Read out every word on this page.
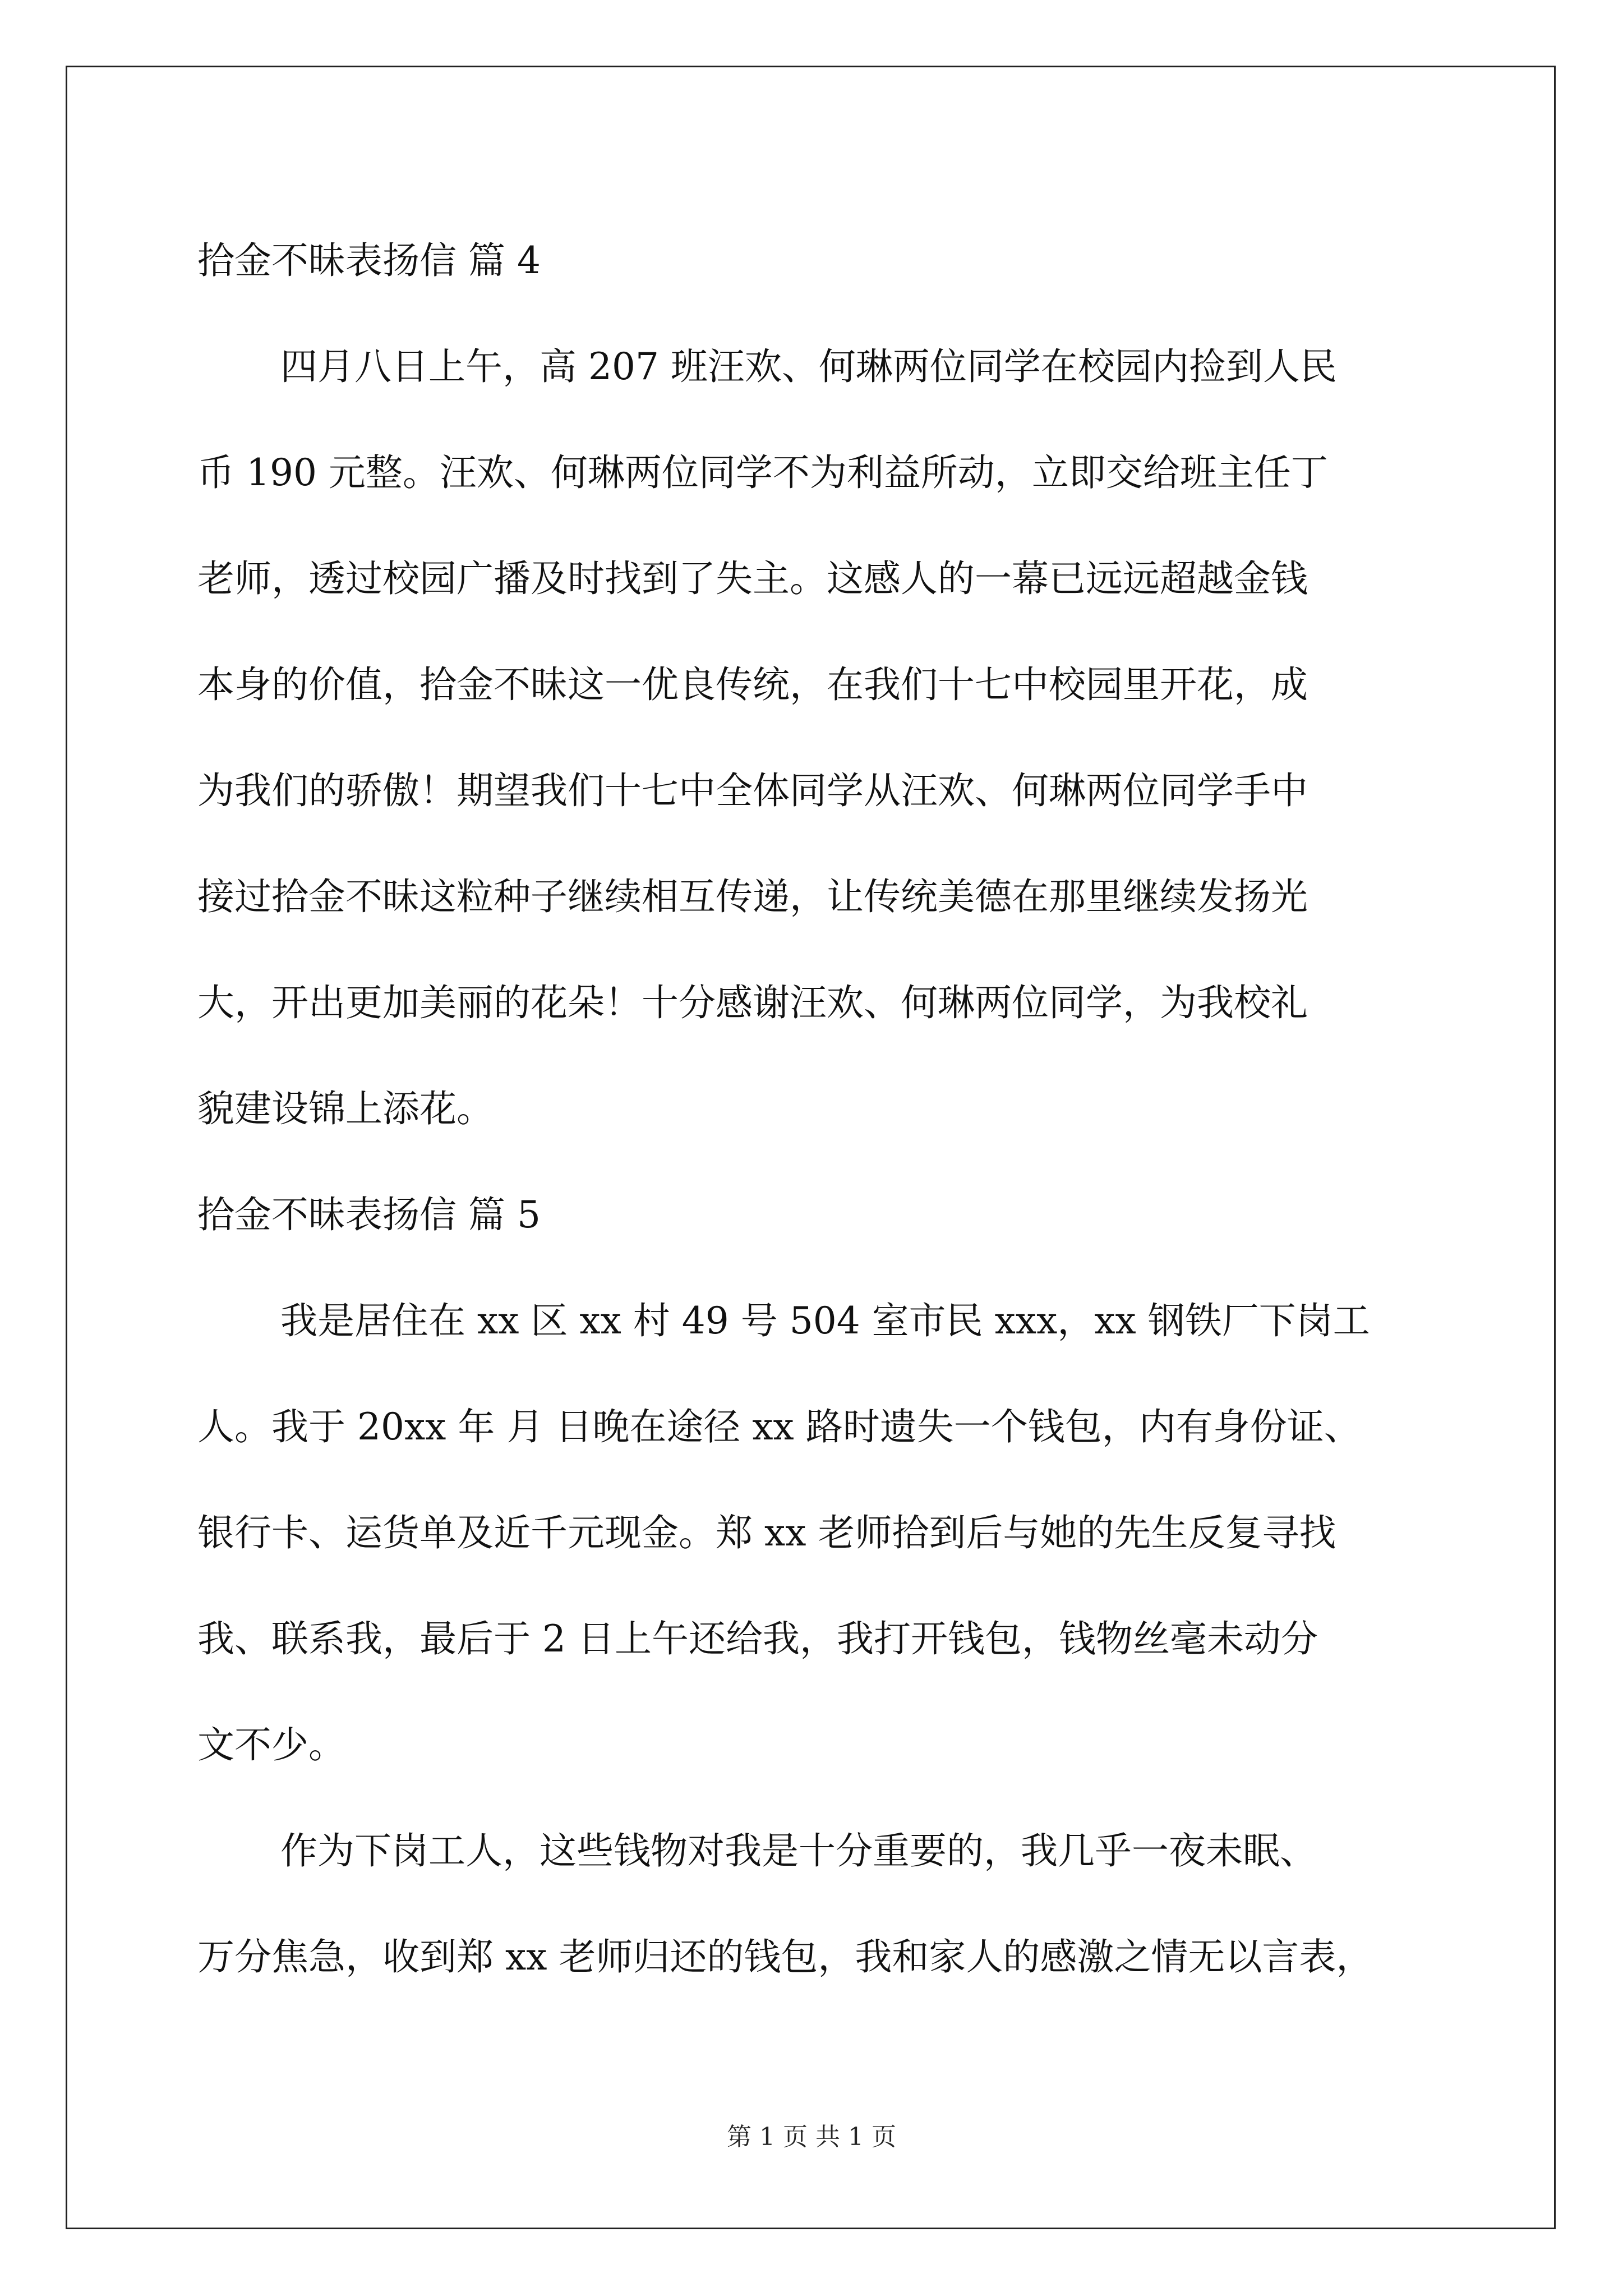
拾金不昧表扬信 篇 4
四月八日上午，高 207 班汪欢、何琳两位同学在校园内捡到人民
币 190 元整。汪欢、何琳两位同学不为利益所动，立即交给班主任丁
老师，透过校园广播及时找到了失主。这感人的一幕已远远超越金钱
本身的价值，拾金不昧这一优良传统，在我们十七中校园里开花，成
为我们的骄傲！期望我们十七中全体同学从汪欢、何琳两位同学手中
接过拾金不昧这粒种子继续相互传递，让传统美德在那里继续发扬光
大，开出更加美丽的花朵！十分感谢汪欢、何琳两位同学，为我校礼
貌建设锦上添花。
拾金不昧表扬信 篇 5
我是居住在 xx 区 xx 村 49 号 504 室市民 xxx，xx 钢铁厂下岗工
人。我于 20xx 年 月 日晚在途径 xx 路时遗失一个钱包，内有身份证、
银行卡、运货单及近千元现金。郑 xx 老师拾到后与她的先生反复寻找
我、联系我，最后于 2 日上午还给我，我打开钱包，钱物丝毫未动分
文不少。
作为下岗工人，这些钱物对我是十分重要的，我几乎一夜未眠、
万分焦急，收到郑 xx 老师归还的钱包，我和家人的感激之情无以言表，
第 1 页 共 1 页
